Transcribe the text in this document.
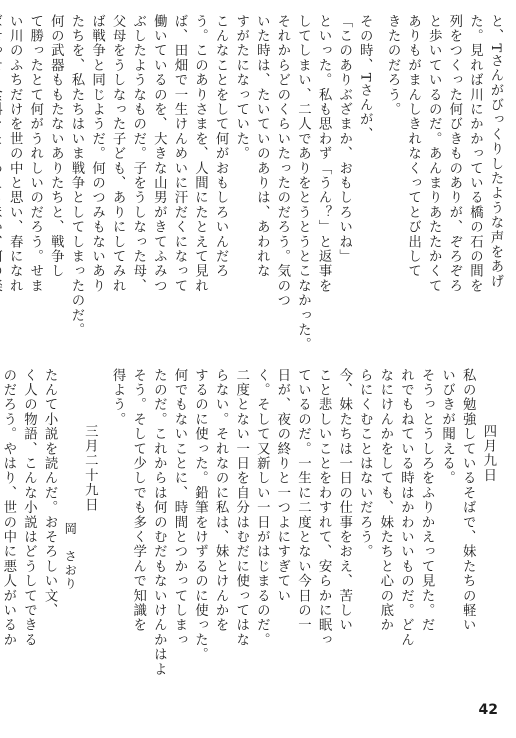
と、Tさんがびっくりしたような声をあげ

た。見れば川にかかっている橋の石の間を

列をつくった何びきものありが、ぞろぞろ

と歩いているのだ。あんまりあたたかくて

ありもがまんしきれなくってとび出して

きたのだろう。

その時、Tさんが、

「このありぶざまか、おもしろいね」

といった。私も思わず「うん？」と返事を

してしまい、二人でありをとうとうとこなかった。

それからどのくらいたったのだろう。気のつ

いた時は、たいていのありは、あわれな

すがたになっていた。

こんなことをして何がおもしろいんだろ

う。このありさまを、人間にたとえて見れ

ば、田畑で一生けんめいに汗だくになって

働いているのを、大きな山男がきてふみつ

ぶしたようなものだ。子をうしなった母、

父母をうしなった子ども、ありにしてみれ

ば戦争と同じようだ。何のつみもないあり

たちを、私たちはいま戦争としてしまったのだ。

何の武器ももたないありたちと、戦争し

て勝ったとて何がうれしいのだろう。せま

い川のふちだけを世の中と思い、春になれ

四月九日

私の勉強しているそばで、妹たちの軽い

いびきが聞える。

そうっとうしろをふりかえって見た。だ

れでもねている時はかわいいものだ。どん

なにけんかをしても、妹たちと心の底か

らにくむことはないだろう。

今、妹たちは一日の仕事をおえ、苦しい

こと悲しいことをわすれて、安らかに眠っ

ているのだ。一生に二度とない今日の一

日が、夜の終りと一つよにすぎてい

く。そして又新しい一日がはじまるのだ。

二度とない一日を自分はむだに使ってはな

らない。それなのに私は、妹とけんかを

するのに使った。鉛筆をけずるのに使った。

何でもないことに、時間とつかってしまっ

たのだ。これからは何のむだもないけんかはよ

そう。そして少しでも多く学んで知識を

得よう。

三月二十九日

岡　さおり

たんて小説を読んだ。おそろしい文、

く人の物語、こんな小説はどうしてできる

のだろう。やはり、世の中に悪人がいるか

42
